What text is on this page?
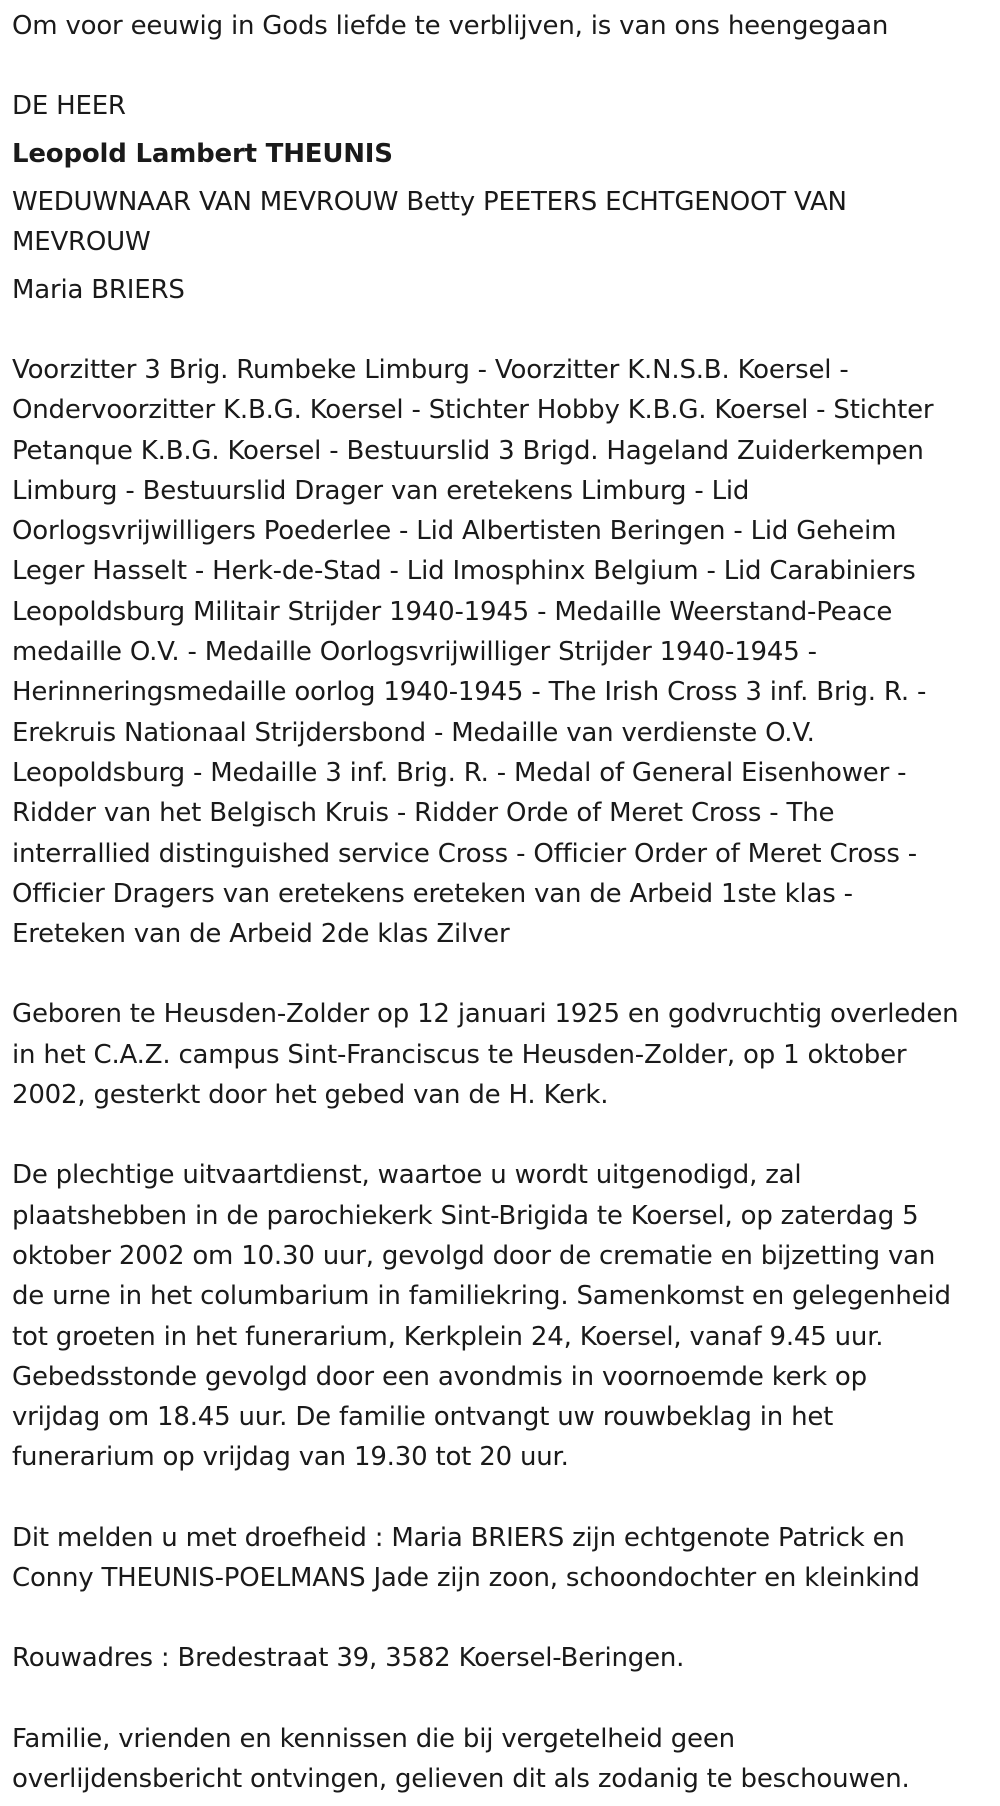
Om voor eeuwig in Gods liefde te verblijven, is van ons heengegaan
DE HEER
Leopold Lambert THEUNIS
WEDUWNAAR VAN MEVROUW Betty PEETERS ECHTGENOOT VAN
MEVROUW
Maria BRIERS
Voorzitter 3 Brig. Rumbeke Limburg - Voorzitter K.N.S.B. Koersel -
Ondervoorzitter K.B.G. Koersel - Stichter Hobby K.B.G. Koersel - Stichter
Petanque K.B.G. Koersel - Bestuurslid 3 Brigd. Hageland Zuiderkempen
Limburg - Bestuurslid Drager van eretekens Limburg - Lid
Oorlogsvrijwilligers Poederlee - Lid Albertisten Beringen - Lid Geheim
Leger Hasselt - Herk-de-Stad - Lid Imosphinx Belgium - Lid Carabiniers
Leopoldsburg Militair Strijder 1940-1945 - Medaille Weerstand-Peace
medaille O.V. - Medaille Oorlogsvrijwilliger Strijder 1940-1945 -
Herinneringsmedaille oorlog 1940-1945 - The Irish Cross 3 inf. Brig. R. -
Erekruis Nationaal Strijdersbond - Medaille van verdienste O.V.
Leopoldsburg - Medaille 3 inf. Brig. R. - Medal of General Eisenhower -
Ridder van het Belgisch Kruis - Ridder Orde of Meret Cross - The
interrallied distinguished service Cross - Officier Order of Meret Cross -
Officier Dragers van eretekens ereteken van de Arbeid 1ste klas -
Ereteken van de Arbeid 2de klas Zilver
Geboren te Heusden-Zolder op 12 januari 1925 en godvruchtig overleden
in het C.A.Z. campus Sint-Franciscus te Heusden-Zolder, op 1 oktober
2002, gesterkt door het gebed van de H. Kerk.
De plechtige uitvaartdienst, waartoe u wordt uitgenodigd, zal
plaatshebben in de parochiekerk Sint-Brigida te Koersel, op zaterdag 5
oktober 2002 om 10.30 uur, gevolgd door de crematie en bijzetting van
de urne in het columbarium in familiekring. Samenkomst en gelegenheid
tot groeten in het funerarium, Kerkplein 24, Koersel, vanaf 9.45 uur.
Gebedsstonde gevolgd door een avondmis in voornoemde kerk op
vrijdag om 18.45 uur. De familie ontvangt uw rouwbeklag in het
funerarium op vrijdag van 19.30 tot 20 uur.
Dit melden u met droefheid : Maria BRIERS zijn echtgenote Patrick en
Conny THEUNIS-POELMANS Jade zijn zoon, schoondochter en kleinkind
Rouwadres : Bredestraat 39, 3582 Koersel-Beringen.
Familie, vrienden en kennissen die bij vergetelheid geen
overlijdensbericht ontvingen, gelieven dit als zodanig te beschouwen.
